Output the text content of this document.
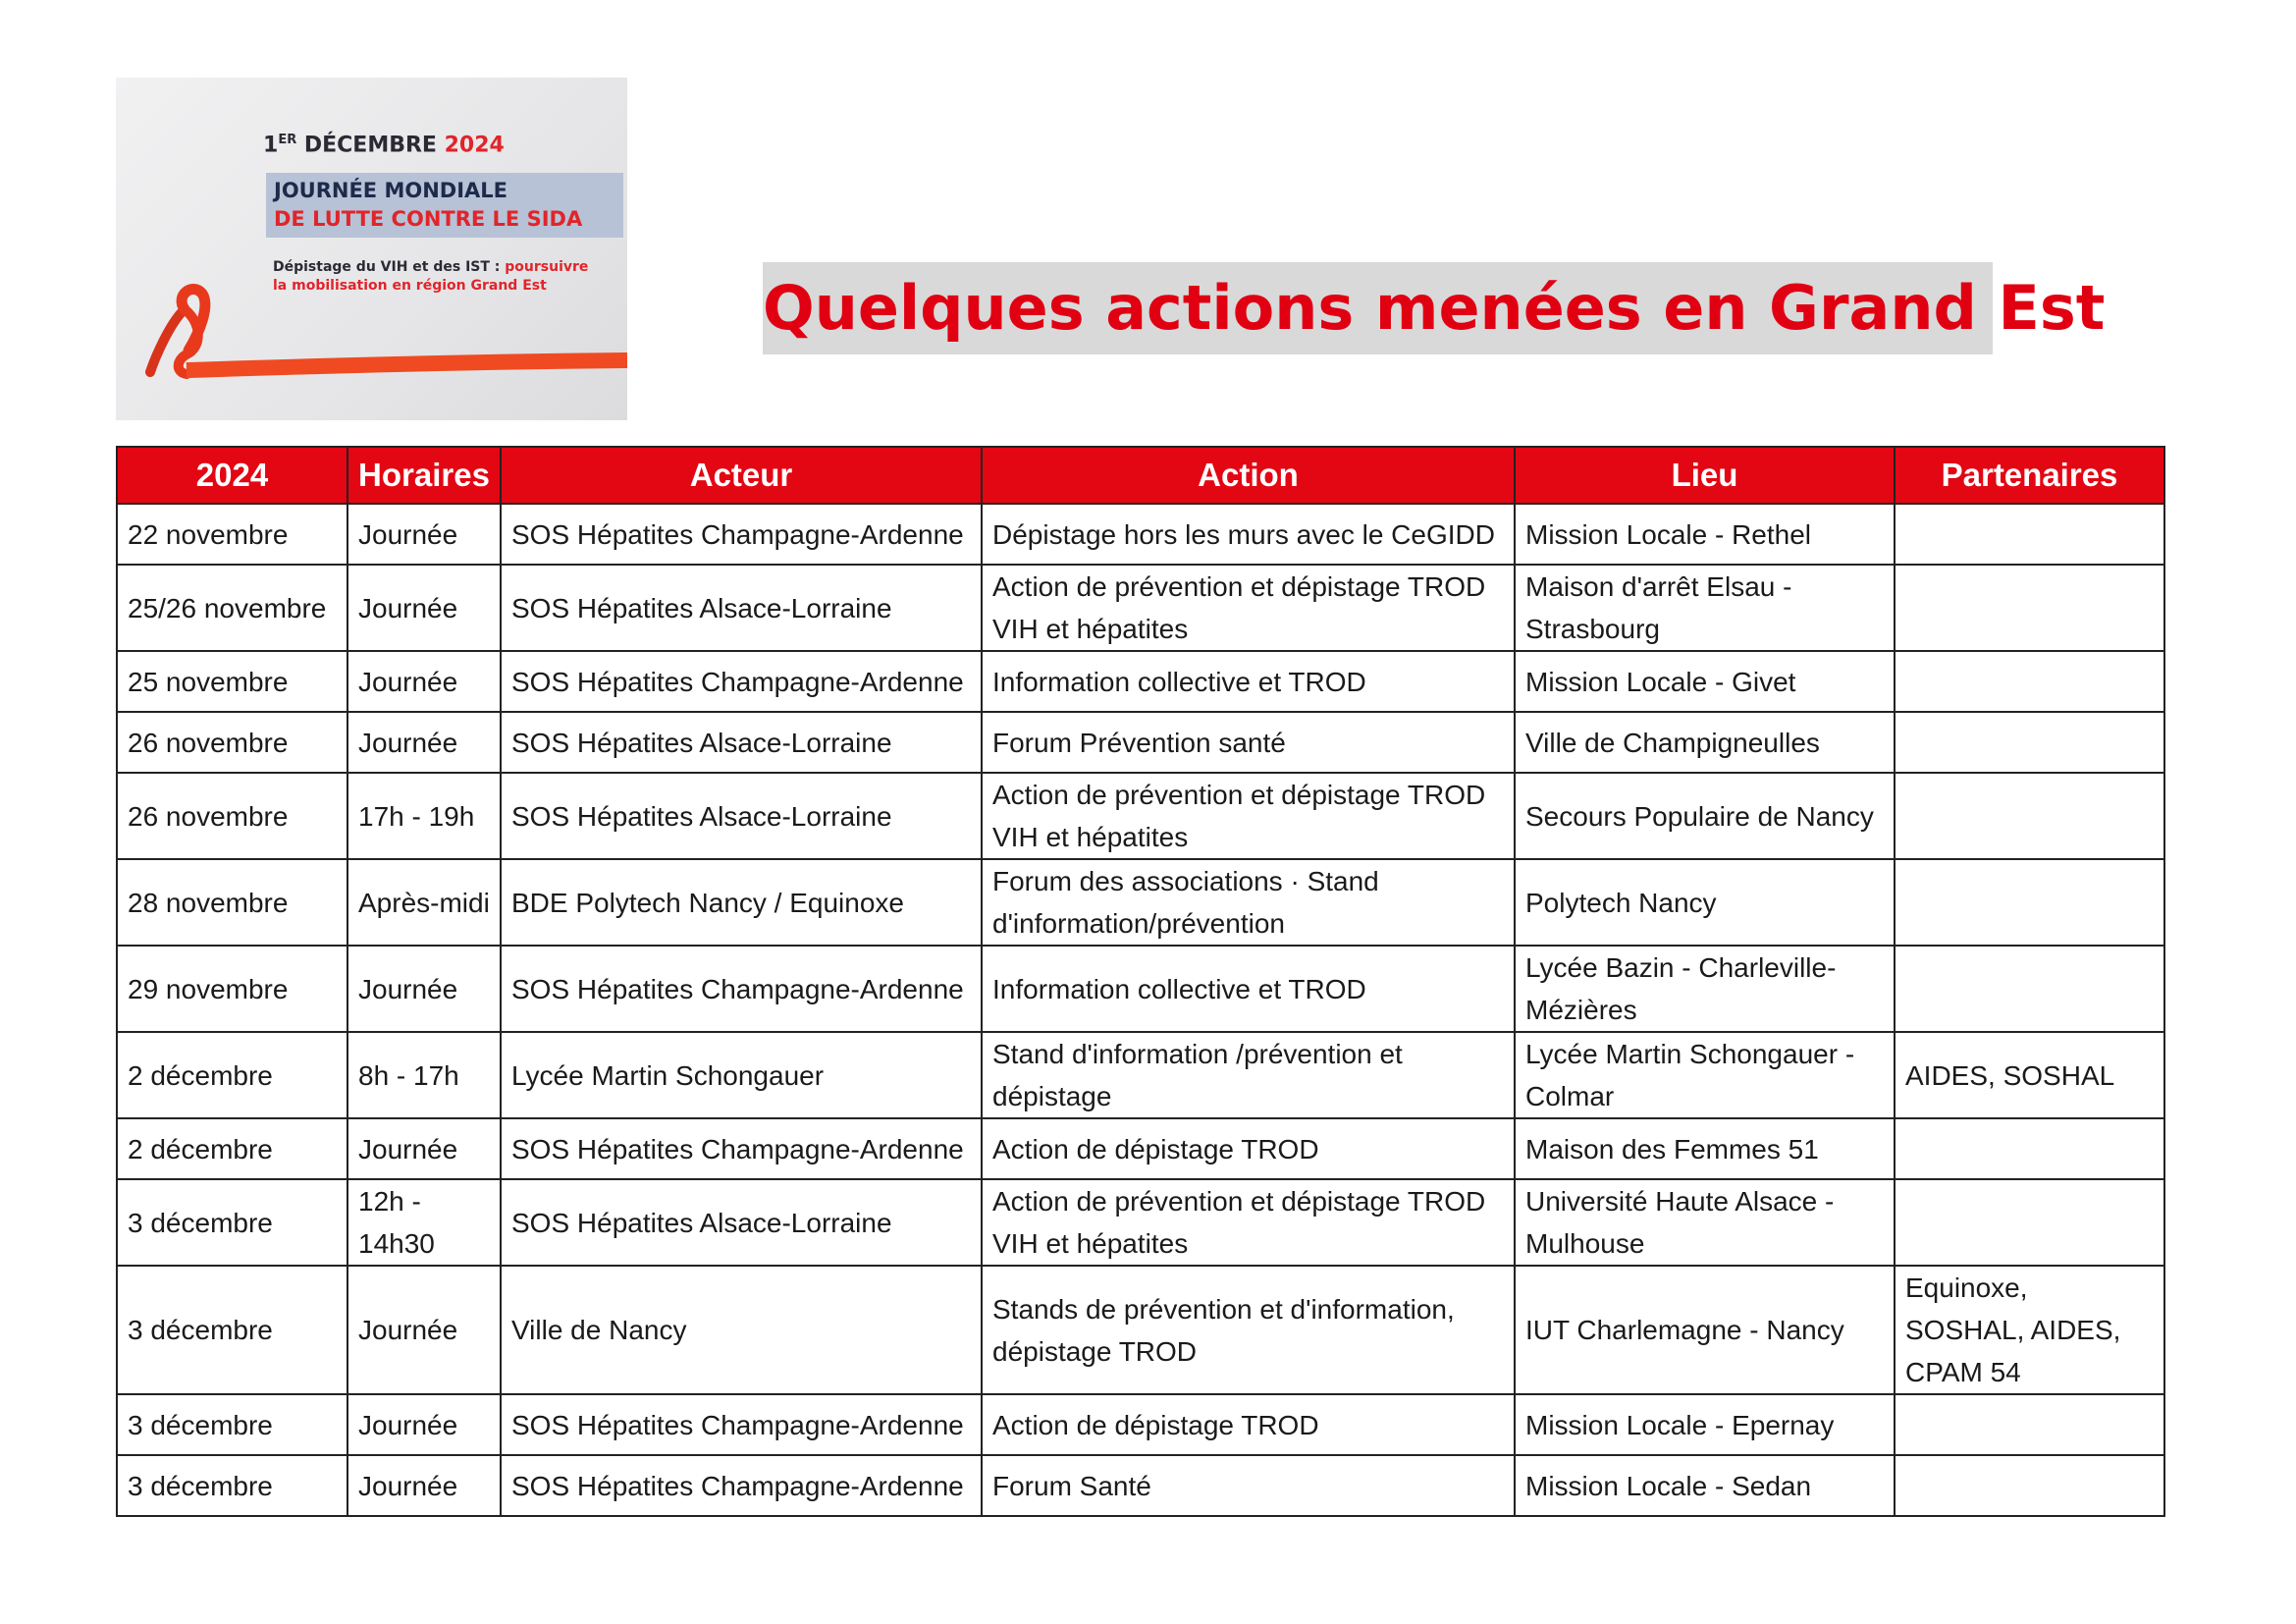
1ER DÉCEMBRE 2024
JOURNÉE MONDIALE
DE LUTTE CONTRE LE SIDA
Dépistage du VIH et des IST : poursuivre la mobilisation en région Grand Est	Quelques actions menées en Grand Est
2024	Horaires	Acteur	Action	Lieu	Partenaires
22 novembre	Journée	SOS Hépatites Champagne-Ardenne	Dépistage hors les murs avec le CeGIDD	Mission Locale - Rethel	
25/26 novembre	Journée	SOS Hépatites Alsace-Lorraine	Action de prévention et dépistage TROD VIH et hépatites	Maison d'arrêt Elsau - Strasbourg	
25 novembre	Journée	SOS Hépatites Champagne-Ardenne	Information collective et TROD	Mission Locale - Givet	
26 novembre	Journée	SOS Hépatites Alsace-Lorraine	Forum Prévention santé	Ville de Champigneulles	
26 novembre	17h - 19h	SOS Hépatites Alsace-Lorraine	Action de prévention et dépistage TROD VIH et hépatites	Secours Populaire de Nancy	
28 novembre	Après-midi	BDE Polytech Nancy / Equinoxe	Forum des associations · Stand d'information/prévention	Polytech Nancy	
29 novembre	Journée	SOS Hépatites Champagne-Ardenne	Information collective et TROD	Lycée Bazin - Charleville-Mézières	
2 décembre	8h - 17h	Lycée Martin Schongauer	Stand d'information /prévention et dépistage	Lycée Martin Schongauer - Colmar	AIDES, SOSHAL
2 décembre	Journée	SOS Hépatites Champagne-Ardenne	Action de dépistage TROD	Maison des Femmes 51	
3 décembre	12h - 14h30	SOS Hépatites Alsace-Lorraine	Action de prévention et dépistage TROD VIH et hépatites	Université Haute Alsace - Mulhouse	
3 décembre	Journée	Ville de Nancy	Stands de prévention et d'information, dépistage TROD	IUT Charlemagne - Nancy	Equinoxe, SOSHAL, AIDES, CPAM 54
3 décembre	Journée	SOS Hépatites Champagne-Ardenne	Action de dépistage TROD	Mission Locale - Epernay	
3 décembre	Journée	SOS Hépatites Champagne-Ardenne	Forum Santé	Mission Locale - Sedan	
